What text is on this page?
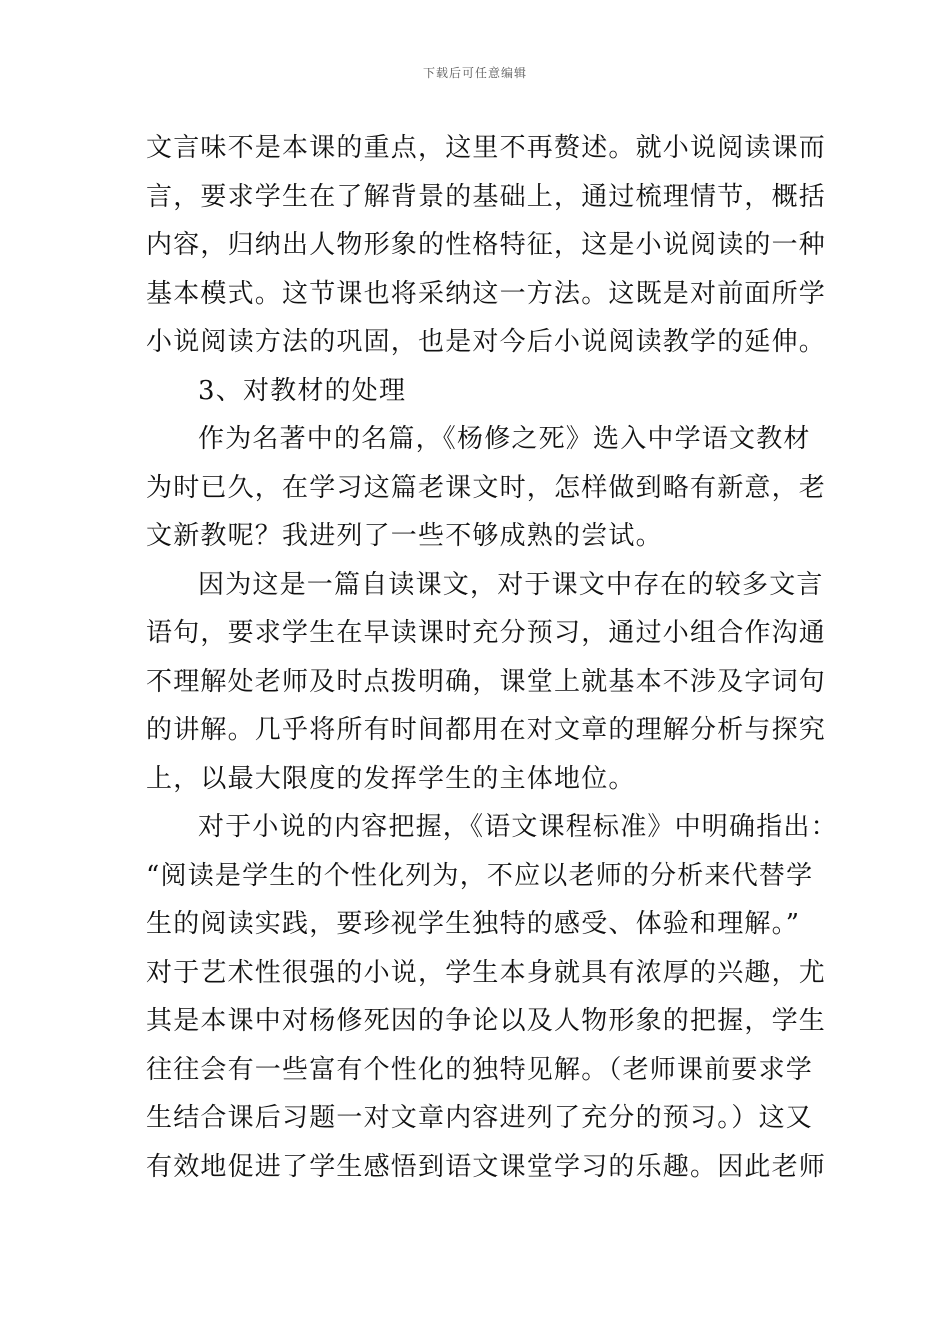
下载后可任意编辑
文言味不是本课的重点，这里不再赘述。就小说阅读课而
言，要求学生在了解背景的基础上，通过梳理情节，概括
内容，归纳出人物形象的性格特征，这是小说阅读的一种
基本模式。这节课也将采纳这一方法。这既是对前面所学
小说阅读方法的巩固，也是对今后小说阅读教学的延伸。
3、对教材的处理
作为名著中的名篇，《杨修之死》选入中学语文教材
为时已久，在学习这篇老课文时，怎样做到略有新意，老
文新教呢？我进列了一些不够成熟的尝试。
因为这是一篇自读课文，对于课文中存在的较多文言
语句，要求学生在早读课时充分预习，通过小组合作沟通
不理解处老师及时点拨明确，课堂上就基本不涉及字词句
的讲解。几乎将所有时间都用在对文章的理解分析与探究
上，以最大限度的发挥学生的主体地位。
对于小说的内容把握，《语文课程标准》中明确指出：
“阅读是学生的个性化列为，不应以老师的分析来代替学
生的阅读实践，要珍视学生独特的感受、体验和理解。”
对于艺术性很强的小说，学生本身就具有浓厚的兴趣，尤
其是本课中对杨修死因的争论以及人物形象的把握，学生
往往会有一些富有个性化的独特见解。（老师课前要求学
生结合课后习题一对文章内容进列了充分的预习。）这又
有效地促进了学生感悟到语文课堂学习的乐趣。因此老师
